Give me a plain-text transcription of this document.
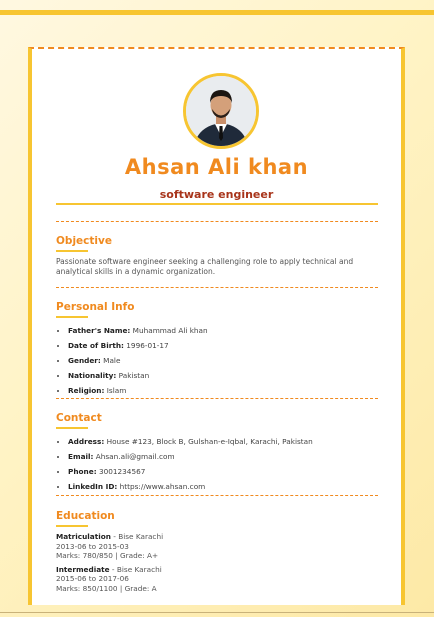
Ahsan Ali khan
software engineer
Objective

Passionate software engineer seeking a challenging role to apply technical and analytical skills in a dynamic organization.

Personal Info
• Father's Name: Muhammad Ali khan
• Date of Birth: 1996-01-17
• Gender: Male
• Nationality: Pakistan
• Religion: Islam
Contact
• Address: House #123, Block B, Gulshan-e-Iqbal, Karachi, Pakistan
• Email: Ahsan.ali@gmail.com
• Phone: 3001234567
• LinkedIn ID: https://www.ahsan.com
Education
Matriculation - Bise Karachi
2013-06 to 2015-03
Marks: 780/850 | Grade: A+
Intermediate - Bise Karachi
2015-06 to 2017-06
Marks: 850/1100 | Grade: A
